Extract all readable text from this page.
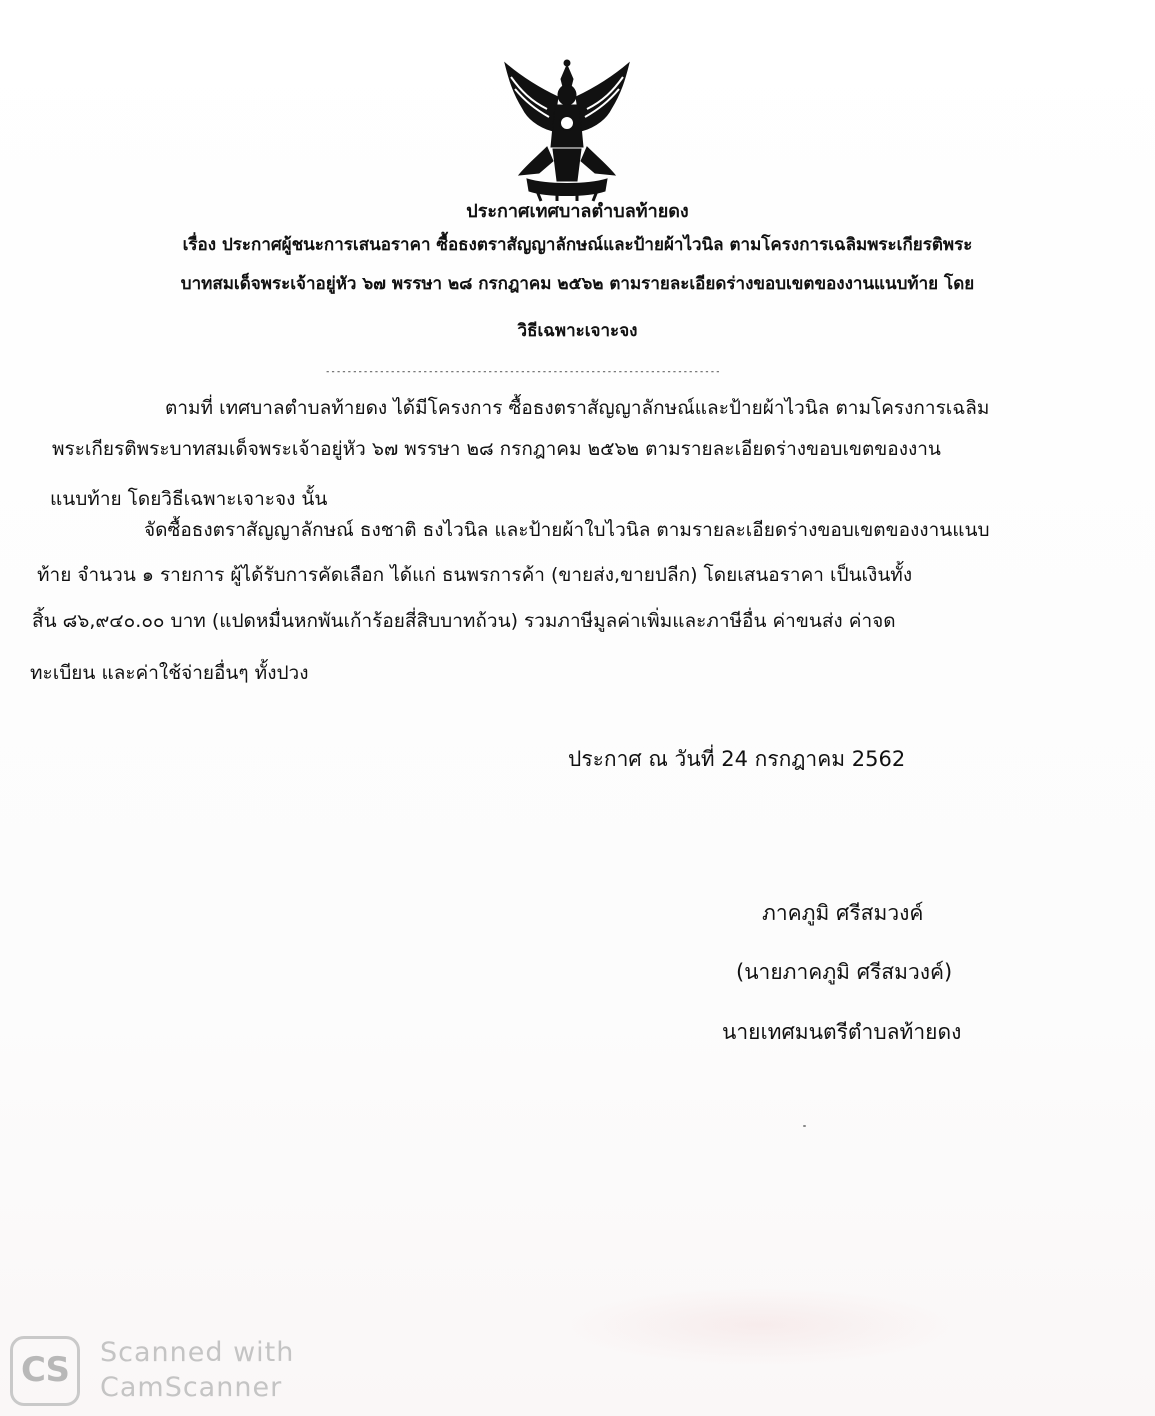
ประกาศเทศบาลตำบลท้ายดง
เรื่อง ประกาศผู้ชนะการเสนอราคา ซื้อธงตราสัญญาลักษณ์และป้ายผ้าไวนิล ตามโครงการเฉลิมพระเกียรติพระ
บาทสมเด็จพระเจ้าอยู่หัว ๖๗ พรรษา ๒๘ กรกฎาคม ๒๕๖๒ ตามรายละเอียดร่างขอบเขตของงานแนบท้าย โดย
วิธีเฉพาะเจาะจง
-------------------------------------------------------------------------
ตามที่ เทศบาลตำบลท้ายดง ได้มีโครงการ ซื้อธงตราสัญญาลักษณ์และป้ายผ้าไวนิล ตามโครงการเฉลิม
พระเกียรติพระบาทสมเด็จพระเจ้าอยู่หัว ๖๗ พรรษา ๒๘ กรกฎาคม ๒๕๖๒ ตามรายละเอียดร่างขอบเขตของงาน
แนบท้าย โดยวิธีเฉพาะเจาะจง นั้น
จัดซื้อธงตราสัญญาลักษณ์ ธงชาติ ธงไวนิล และป้ายผ้าใบไวนิล ตามรายละเอียดร่างขอบเขตของงานแนบ
ท้าย จำนวน ๑ รายการ ผู้ได้รับการคัดเลือก ได้แก่ ธนพรการค้า (ขายส่ง,ขายปลีก) โดยเสนอราคา เป็นเงินทั้ง
สิ้น ๘๖,๙๔๐.๐๐ บาท (แปดหมื่นหกพันเก้าร้อยสี่สิบบาทถ้วน) รวมภาษีมูลค่าเพิ่มและภาษีอื่น ค่าขนส่ง ค่าจด
ทะเบียน และค่าใช้จ่ายอื่นๆ ทั้งปวง
ประกาศ ณ วันที่ 24 กรกฎาคม 2562
ภาคภูมิ ศรีสมวงค์
(นายภาคภูมิ ศรีสมวงค์)
นายเทศมนตรีตำบลท้ายดง
CS	Scanned with
CamScanner
